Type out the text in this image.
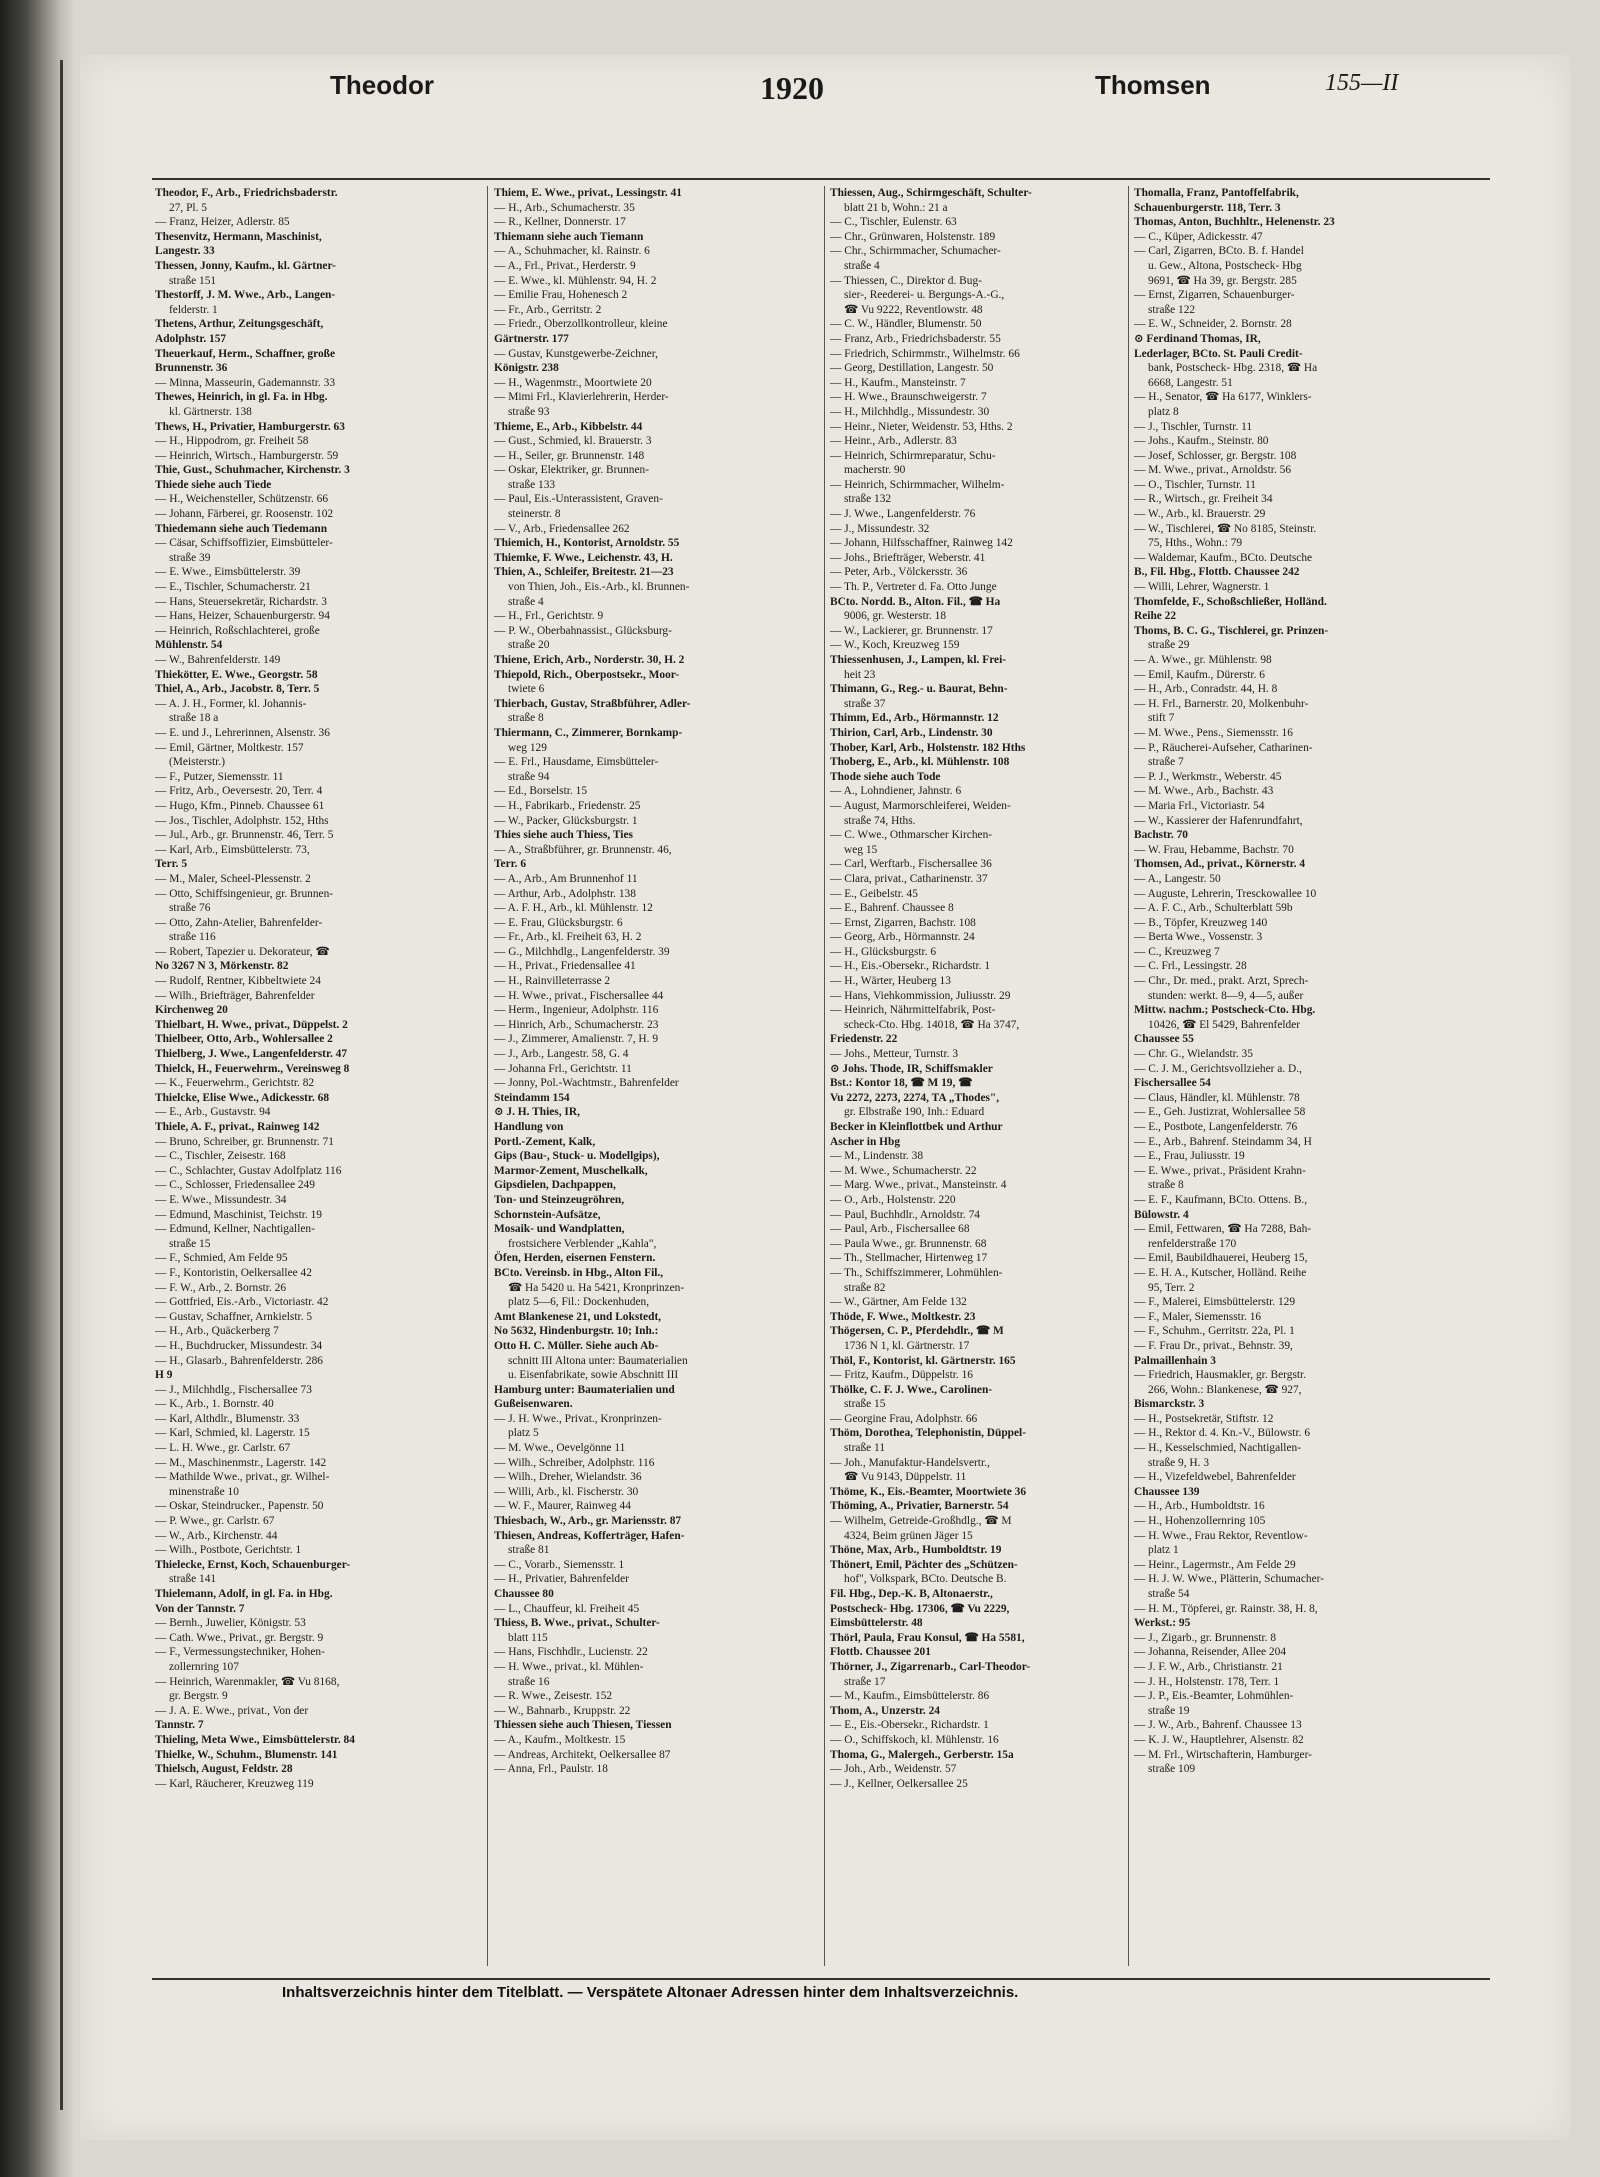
Theodor	1920	Thomsen	155—II
Theodor, F., Arb., Friedrichsbaderstr.
27, Pl. 5
— Franz, Heizer, Adlerstr. 85
Thesenvitz, Hermann, Maschinist,
Langestr. 33
Thessen, Jonny, Kaufm., kl. Gärtner-
straße 151
Thestorff, J. M. Wwe., Arb., Langen-
felderstr. 1
Thetens, Arthur, Zeitungsgeschäft,
Adolphstr. 157
Theuerkauf, Herm., Schaffner, große
Brunnenstr. 36
— Minna, Masseurin, Gademannstr. 33
Thewes, Heinrich, in gl. Fa. in Hbg.
kl. Gärtnerstr. 138
Thews, H., Privatier, Hamburgerstr. 63
— H., Hippodrom, gr. Freiheit 58
— Heinrich, Wirtsch., Hamburgerstr. 59
Thie, Gust., Schuhmacher, Kirchenstr. 3
Thiede siehe auch Tiede
— H., Weichensteller, Schützenstr. 66
— Johann, Färberei, gr. Roosenstr. 102
Thiedemann siehe auch Tiedemann
— Cäsar, Schiffsoffizier, Eimsbütteler-
straße 39
— E. Wwe., Eimsbüttelerstr. 39
— E., Tischler, Schumacherstr. 21
— Hans, Steuersekretär, Richardstr. 3
— Hans, Heizer, Schauenburgerstr. 94
— Heinrich, Roßschlachterei, große
Mühlenstr. 54
— W., Bahrenfelderstr. 149
Thiekötter, E. Wwe., Georgstr. 58
Thiel, A., Arb., Jacobstr. 8, Terr. 5
— A. J. H., Former, kl. Johannis-
straße 18 a
— E. und J., Lehrerinnen, Alsenstr. 36
— Emil, Gärtner, Moltkestr. 157
(Meisterstr.)
— F., Putzer, Siemensstr. 11
— Fritz, Arb., Oeversestr. 20, Terr. 4
— Hugo, Kfm., Pinneb. Chaussee 61
— Jos., Tischler, Adolphstr. 152, Hths
— Jul., Arb., gr. Brunnenstr. 46, Terr. 5
— Karl, Arb., Eimsbüttelerstr. 73,
Terr. 5
— M., Maler, Scheel-Plessenstr. 2
— Otto, Schiffsingenieur, gr. Brunnen-
straße 76
— Otto, Zahn-Atelier, Bahrenfelder-
straße 116
— Robert, Tapezier u. Dekorateur, ☎
No 3267 N 3, Mörkenstr. 82
— Rudolf, Rentner, Kibbeltwiete 24
— Wilh., Briefträger, Bahrenfelder
Kirchenweg 20
Thielbart, H. Wwe., privat., Düppelst. 2
Thielbeer, Otto, Arb., Wohlersallee 2
Thielberg, J. Wwe., Langenfelderstr. 47
Thielck, H., Feuerwehrm., Vereinsweg 8
— K., Feuerwehrm., Gerichtstr. 82
Thielcke, Elise Wwe., Adickesstr. 68
— E., Arb., Gustavstr. 94
Thiele, A. F., privat., Rainweg 142
— Bruno, Schreiber, gr. Brunnenstr. 71
— C., Tischler, Zeisestr. 168
— C., Schlachter, Gustav Adolfplatz 116
— C., Schlosser, Friedensallee 249
— E. Wwe., Missundestr. 34
— Edmund, Maschinist, Teichstr. 19
— Edmund, Kellner, Nachtigallen-
straße 15
— F., Schmied, Am Felde 95
— F., Kontoristin, Oelkersallee 42
— F. W., Arb., 2. Bornstr. 26
— Gottfried, Eis.-Arb., Victoriastr. 42
— Gustav, Schaffner, Arnkielstr. 5
— H., Arb., Quäckerberg 7
— H., Buchdrucker, Missundestr. 34
— H., Glasarb., Bahrenfelderstr. 286
H 9
— J., Milchhdlg., Fischersallee 73
— K., Arb., 1. Bornstr. 40
— Karl, Althdlr., Blumenstr. 33
— Karl, Schmied, kl. Lagerstr. 15
— L. H. Wwe., gr. Carlstr. 67
— M., Maschinenmstr., Lagerstr. 142
— Mathilde Wwe., privat., gr. Wilhel-
minenstraße 10
— Oskar, Steindrucker., Papenstr. 50
— P. Wwe., gr. Carlstr. 67
— W., Arb., Kirchenstr. 44
— Wilh., Postbote, Gerichtstr. 1
Thielecke, Ernst, Koch, Schauenburger-
straße 141
Thielemann, Adolf, in gl. Fa. in Hbg.
Von der Tannstr. 7
— Bernh., Juwelier, Königstr. 53
— Cath. Wwe., Privat., gr. Bergstr. 9
— F., Vermessungstechniker, Hohen-
zollernring 107
— Heinrich, Warenmakler, ☎ Vu 8168,
gr. Bergstr. 9
— J. A. E. Wwe., privat., Von der
Tannstr. 7
Thieling, Meta Wwe., Eimsbüttelerstr. 84
Thielke, W., Schuhm., Blumenstr. 141
Thielsch, August, Feldstr. 28
— Karl, Räucherer, Kreuzweg 119
Thiem, E. Wwe., privat., Lessingstr. 41
— H., Arb., Schumacherstr. 35
— R., Kellner, Donnerstr. 17
Thiemann siehe auch Tiemann
— A., Schuhmacher, kl. Rainstr. 6
— A., Frl., Privat., Herderstr. 9
— E. Wwe., kl. Mühlenstr. 94, H. 2
— Emilie Frau, Hohenesch 2
— Fr., Arb., Gerritstr. 2
— Friedr., Oberzollkontrolleur, kleine
Gärtnerstr. 177
— Gustav, Kunstgewerbe-Zeichner,
Königstr. 238
— H., Wagenmstr., Moortwiete 20
— Mimi Frl., Klavierlehrerin, Herder-
straße 93
Thieme, E., Arb., Kibbelstr. 44
— Gust., Schmied, kl. Brauerstr. 3
— H., Seiler, gr. Brunnenstr. 148
— Oskar, Elektriker, gr. Brunnen-
straße 133
— Paul, Eis.-Unterassistent, Graven-
steinerstr. 8
— V., Arb., Friedensallee 262
Thiemich, H., Kontorist, Arnoldstr. 55
Thiemke, F. Wwe., Leichenstr. 43, H.
Thien, A., Schleifer, Breitestr. 21—23
von Thien, Joh., Eis.-Arb., kl. Brunnen-
straße 4
— H., Frl., Gerichtstr. 9
— P. W., Oberbahnassist., Glücksburg-
straße 20
Thiene, Erich, Arb., Norderstr. 30, H. 2
Thiepold, Rich., Oberpostsekr., Moor-
twiete 6
Thierbach, Gustav, Straßbführer, Adler-
straße 8
Thiermann, C., Zimmerer, Bornkamp-
weg 129
— E. Frl., Hausdame, Eimsbütteler-
straße 94
— Ed., Borselstr. 15
— H., Fabrikarb., Friedenstr. 25
— W., Packer, Glücksburgstr. 1
Thies siehe auch Thiess, Ties
— A., Straßbführer, gr. Brunnenstr. 46,
Terr. 6
— A., Arb., Am Brunnenhof 11
— Arthur, Arb., Adolphstr. 138
— A. F. H., Arb., kl. Mühlenstr. 12
— E. Frau, Glücksburgstr. 6
— Fr., Arb., kl. Freiheit 63, H. 2
— G., Milchhdlg., Langenfelderstr. 39
— H., Privat., Friedensallee 41
— H., Rainvilleterrasse 2
— H. Wwe., privat., Fischersallee 44
— Herm., Ingenieur, Adolphstr. 116
— Hinrich, Arb., Schumacherstr. 23
— J., Zimmerer, Amalienstr. 7, H. 9
— J., Arb., Langestr. 58, G. 4
— Johanna Frl., Gerichtstr. 11
— Jonny, Pol.-Wachtmstr., Bahrenfelder
Steindamm 154
⊙ J. H. Thies, IR,
Handlung von
Portl.-Zement, Kalk,
Gips (Bau-, Stuck- u. Modellgips),
Marmor-Zement, Muschelkalk,
Gipsdielen, Dachpappen,
Ton- und Steinzeugröhren,
Schornstein-Aufsätze,
Mosaik- und Wandplatten,
frostsichere Verblender „Kahla",
Öfen, Herden, eisernen Fenstern.
BCto. Vereinsb. in Hbg., Alton Fil.,
☎ Ha 5420 u. Ha 5421, Kronprinzen-
platz 5—6, Fil.: Dockenhuden,
Amt Blankenese 21, und Lokstedt,
No 5632, Hindenburgstr. 10; Inh.:
Otto H. C. Müller. Siehe auch Ab-
schnitt III Altona unter: Baumaterialien
u. Eisenfabrikate, sowie Abschnitt III
Hamburg unter: Baumaterialien und
Gußeisenwaren.
— J. H. Wwe., Privat., Kronprinzen-
platz 5
— M. Wwe., Oevelgönne 11
— Wilh., Schreiber, Adolphstr. 116
— Wilh., Dreher, Wielandstr. 36
— Willi, Arb., kl. Fischerstr. 30
— W. F., Maurer, Rainweg 44
Thiesbach, W., Arb., gr. Mariensstr. 87
Thiesen, Andreas, Kofferträger, Hafen-
straße 81
— C., Vorarb., Siemensstr. 1
— H., Privatier, Bahrenfelder
Chaussee 80
— L., Chauffeur, kl. Freiheit 45
Thiess, B. Wwe., privat., Schulter-
blatt 115
— Hans, Fischhdlr., Lucienstr. 22
— H. Wwe., privat., kl. Mühlen-
straße 16
— R. Wwe., Zeisestr. 152
— W., Bahnarb., Kruppstr. 22
Thiessen siehe auch Thiesen, Tiessen
— A., Kaufm., Moltkestr. 15
— Andreas, Architekt, Oelkersallee 87
— Anna, Frl., Paulstr. 18
Thiessen, Aug., Schirmgeschäft, Schulter-
blatt 21 b, Wohn.: 21 a
— C., Tischler, Eulenstr. 63
— Chr., Grünwaren, Holstenstr. 189
— Chr., Schirmmacher, Schumacher-
straße 4
— Thiessen, C., Direktor d. Bug-
sier-, Reederei- u. Bergungs-A.-G.,
☎ Vu 9222, Reventlowstr. 48
— C. W., Händler, Blumenstr. 50
— Franz, Arb., Friedrichsbaderstr. 55
— Friedrich, Schirmmstr., Wilhelmstr. 66
— Georg, Destillation, Langestr. 50
— H., Kaufm., Mansteinstr. 7
— H. Wwe., Braunschweigerstr. 7
— H., Milchhdlg., Missundestr. 30
— Heinr., Nieter, Weidenstr. 53, Hths. 2
— Heinr., Arb., Adlerstr. 83
— Heinrich, Schirmreparatur, Schu-
macherstr. 90
— Heinrich, Schirmmacher, Wilhelm-
straße 132
— J. Wwe., Langenfelderstr. 76
— J., Missundestr. 32
— Johann, Hilfsschaffner, Rainweg 142
— Johs., Briefträger, Weberstr. 41
— Peter, Arb., Völckersstr. 36
— Th. P., Vertreter d. Fa. Otto Junge
BCto. Nordd. B., Alton. Fil., ☎ Ha
9006, gr. Westerstr. 18
— W., Lackierer, gr. Brunnenstr. 17
— W., Koch, Kreuzweg 159
Thiessenhusen, J., Lampen, kl. Frei-
heit 23
Thimann, G., Reg.- u. Baurat, Behn-
straße 37
Thimm, Ed., Arb., Hörmannstr. 12
Thirion, Carl, Arb., Lindenstr. 30
Thober, Karl, Arb., Holstenstr. 182 Hths
Thoberg, E., Arb., kl. Mühlenstr. 108
Thode siehe auch Tode
— A., Lohndiener, Jahnstr. 6
— August, Marmorschleiferei, Weiden-
straße 74, Hths.
— C. Wwe., Othmarscher Kirchen-
weg 15
— Carl, Werftarb., Fischersallee 36
— Clara, privat., Catharinenstr. 37
— E., Geibelstr. 45
— E., Bahrenf. Chaussee 8
— Ernst, Zigarren, Bachstr. 108
— Georg, Arb., Hörmannstr. 24
— H., Glücksburgstr. 6
— H., Eis.-Obersekr., Richardstr. 1
— H., Wärter, Heuberg 13
— Hans, Viehkommission, Juliusstr. 29
— Heinrich, Nährmittelfabrik, Post-
scheck-Cto. Hbg. 14018, ☎ Ha 3747,
Friedenstr. 22
— Johs., Metteur, Turnstr. 3
⊙ Johs. Thode, IR, Schiffsmakler
Bst.: Kontor 18, ☎ M 19, ☎
Vu 2272, 2273, 2274, TA „Thodes",
gr. Elbstraße 190, Inh.: Eduard
Becker in Kleinflottbek und Arthur
Ascher in Hbg
— M., Lindenstr. 38
— M. Wwe., Schumacherstr. 22
— Marg. Wwe., privat., Mansteinstr. 4
— O., Arb., Holstenstr. 220
— Paul, Buchhdlr., Arnoldstr. 74
— Paul, Arb., Fischersallee 68
— Paula Wwe., gr. Brunnenstr. 68
— Th., Stellmacher, Hirtenweg 17
— Th., Schiffszimmerer, Lohmühlen-
straße 82
— W., Gärtner, Am Felde 132
Thöde, F. Wwe., Moltkestr. 23
Thögersen, C. P., Pferdehdlr., ☎ M
1736 N 1, kl. Gärtnerstr. 17
Thöl, F., Kontorist, kl. Gärtnerstr. 165
— Fritz, Kaufm., Düppelstr. 16
Thölke, C. F. J. Wwe., Carolinen-
straße 15
— Georgine Frau, Adolphstr. 66
Thöm, Dorothea, Telephonistin, Düppel-
straße 11
— Joh., Manufaktur-Handelsvertr.,
☎ Vu 9143, Düppelstr. 11
Thöme, K., Eis.-Beamter, Moortwiete 36
Thöming, A., Privatier, Barnerstr. 54
— Wilhelm, Getreide-Großhdlg., ☎ M
4324, Beim grünen Jäger 15
Thöne, Max, Arb., Humboldtstr. 19
Thönert, Emil, Pächter des „Schützen-
hof", Volkspark, BCto. Deutsche B.
Fil. Hbg., Dep.-K. B, Altonaerstr.,
Postscheck- Hbg. 17306, ☎ Vu 2229,
Eimsbüttelerstr. 48
Thörl, Paula, Frau Konsul, ☎ Ha 5581,
Flottb. Chaussee 201
Thörner, J., Zigarrenarb., Carl-Theodor-
straße 17
— M., Kaufm., Eimsbüttelerstr. 86
Thom, A., Unzerstr. 24
— E., Eis.-Obersekr., Richardstr. 1
— O., Schiffskoch, kl. Mühlenstr. 16
Thoma, G., Malergeh., Gerberstr. 15a
— Joh., Arb., Weidenstr. 57
— J., Kellner, Oelkersallee 25
Thomalla, Franz, Pantoffelfabrik,
Schauenburgerstr. 118, Terr. 3
Thomas, Anton, Buchhltr., Helenenstr. 23
— C., Küper, Adickesstr. 47
— Carl, Zigarren, BCto. B. f. Handel
u. Gew., Altona, Postscheck- Hbg
9691, ☎ Ha 39, gr. Bergstr. 285
— Ernst, Zigarren, Schauenburger-
straße 122
— E. W., Schneider, 2. Bornstr. 28
⊙ Ferdinand Thomas, IR,
Lederlager, BCto. St. Pauli Credit-
bank, Postscheck- Hbg. 2318, ☎ Ha
6668, Langestr. 51
— H., Senator, ☎ Ha 6177, Winklers-
platz 8
— J., Tischler, Turnstr. 11
— Johs., Kaufm., Steinstr. 80
— Josef, Schlosser, gr. Bergstr. 108
— M. Wwe., privat., Arnoldstr. 56
— O., Tischler, Turnstr. 11
— R., Wirtsch., gr. Freiheit 34
— W., Arb., kl. Brauerstr. 29
— W., Tischlerei, ☎ No 8185, Steinstr.
75, Hths., Wohn.: 79
— Waldemar, Kaufm., BCto. Deutsche
B., Fil. Hbg., Flottb. Chaussee 242
— Willi, Lehrer, Wagnerstr. 1
Thomfelde, F., Schoßschließer, Holländ.
Reihe 22
Thoms, B. C. G., Tischlerei, gr. Prinzen-
straße 29
— A. Wwe., gr. Mühlenstr. 98
— Emil, Kaufm., Dürerstr. 6
— H., Arb., Conradstr. 44, H. 8
— H. Frl., Barnerstr. 20, Molkenbuhr-
stift 7
— M. Wwe., Pens., Siemensstr. 16
— P., Räucherei-Aufseher, Catharinen-
straße 7
— P. J., Werkmstr., Weberstr. 45
— M. Wwe., Arb., Bachstr. 43
— Maria Frl., Victoriastr. 54
— W., Kassierer der Hafenrundfahrt,
Bachstr. 70
— W. Frau, Hebamme, Bachstr. 70
Thomsen, Ad., privat., Körnerstr. 4
— A., Langestr. 50
— Auguste, Lehrerin, Tresckowallee 10
— A. F. C., Arb., Schulterblatt 59b
— B., Töpfer, Kreuzweg 140
— Berta Wwe., Vossenstr. 3
— C., Kreuzweg 7
— C. Frl., Lessingstr. 28
— Chr., Dr. med., prakt. Arzt, Sprech-
stunden: werkt. 8—9, 4—5, außer
Mittw. nachm.; Postscheck-Cto. Hbg.
10426, ☎ El 5429, Bahrenfelder
Chaussee 55
— Chr. G., Wielandstr. 35
— C. J. M., Gerichtsvollzieher a. D.,
Fischersallee 54
— Claus, Händler, kl. Mühlenstr. 78
— E., Geh. Justizrat, Wohlersallee 58
— E., Postbote, Langenfelderstr. 76
— E., Arb., Bahrenf. Steindamm 34, H
— E., Frau, Juliusstr. 19
— E. Wwe., privat., Präsident Krahn-
straße 8
— E. F., Kaufmann, BCto. Ottens. B.,
Bülowstr. 4
— Emil, Fettwaren, ☎ Ha 7288, Bah-
renfelderstraße 170
— Emil, Baubildhauerei, Heuberg 15,
— E. H. A., Kutscher, Holländ. Reihe
95, Terr. 2
— F., Malerei, Eimsbüttelerstr. 129
— F., Maler, Siemensstr. 16
— F., Schuhm., Gerritstr. 22a, Pl. 1
— F. Frau Dr., privat., Behnstr. 39,
Palmaillenhain 3
— Friedrich, Hausmakler, gr. Bergstr.
266, Wohn.: Blankenese, ☎ 927,
Bismarckstr. 3
— H., Postsekretär, Stiftstr. 12
— H., Rektor d. 4. Kn.-V., Bülowstr. 6
— H., Kesselschmied, Nachtigallen-
straße 9, H. 3
— H., Vizefeldwebel, Bahrenfelder
Chaussee 139
— H., Arb., Humboldtstr. 16
— H., Hohenzollernring 105
— H. Wwe., Frau Rektor, Reventlow-
platz 1
— Heinr., Lagermstr., Am Felde 29
— H. J. W. Wwe., Plätterin, Schumacher-
straße 54
— H. M., Töpferei, gr. Rainstr. 38, H. 8,
Werkst.: 95
— J., Zigarb., gr. Brunnenstr. 8
— Johanna, Reisender, Allee 204
— J. F. W., Arb., Christianstr. 21
— J. H., Holstenstr. 178, Terr. 1
— J. P., Eis.-Beamter, Lohmühlen-
straße 19
— J. W., Arb., Bahrenf. Chaussee 13
— K. J. W., Hauptlehrer, Alsenstr. 82
— M. Frl., Wirtschafterin, Hamburger-
straße 109
Inhaltsverzeichnis hinter dem Titelblatt. — Verspätete Altonaer Adressen hinter dem Inhaltsverzeichnis.
